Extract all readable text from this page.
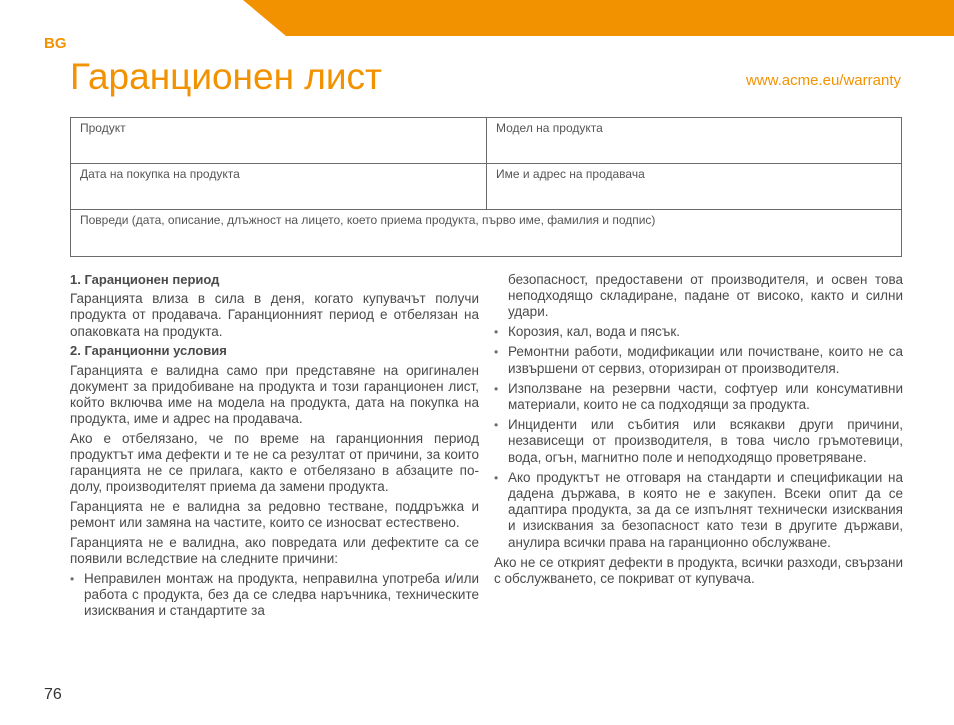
BG
Гаранционен лист	www.acme.eu/warranty
Продукт	Модел на продукта
Дата на покупка на продукта	Име и адрес на продавача
Повреди (дата, описание, длъжност на лицето, което приема продукта, първо име, фамилия и подпис)
1. Гаранционен период

Гаранцията влиза в сила в деня, когато купувачът получи продукта от продавача. Гаранционният период е отбелязан на опаковката на продукта.

2. Гаранционни условия

Гаранцията е валидна само при представяне на оригинален документ за придобиване на продукта и този гаранционен лист, който включва име на модела на продукта, дата на покупка на продукта, име и адрес на продавача.

Ако е отбелязано, че по време на гаранционния период продуктът има дефекти и те не са резултат от причини, за които гаранцията не се прилага, както е отбелязано в абзаците по-долу, производителят приема да замени продукта.

Гаранцията не е валидна за редовно тестване, поддръжка и ремонт или замяна на частите, които се износват естествено.

Гаранцията не е валидна, ако повредата или дефектите са се появили вследствие на следните причини:

• Неправилен монтаж на продукта, неправилна употреба и/или работа с продукта, без да се следва наръчника, техническите изисквания и стандартите за

безопасност, предоставени от производителя, и освен това неподходящо складиране, падане от високо, както и силни удари.

• Корозия, кал, вода и пясък.
• Ремонтни работи, модификации или почистване, които не са извършени от сервиз, оторизиран от производителя.
• Използване на резервни части, софтуер или консумативни материали, които не са подходящи за продукта.
• Инциденти или събития или всякакви други причини, независещи от производителя, в това число гръмотевици, вода, огън, магнитно поле и неподходящо проветряване.
• Ако продуктът не отговаря на стандарти и спецификации на дадена държава, в която не е закупен. Всеки опит да се адаптира продукта, за да се изпълнят технически изисквания и изисквания за безопасност като тези в другите държави, анулира всички права на гаранционно обслужване.

Ако не се открият дефекти в продукта, всички разходи, свързани с обслужването, се покриват от купувача.

76
